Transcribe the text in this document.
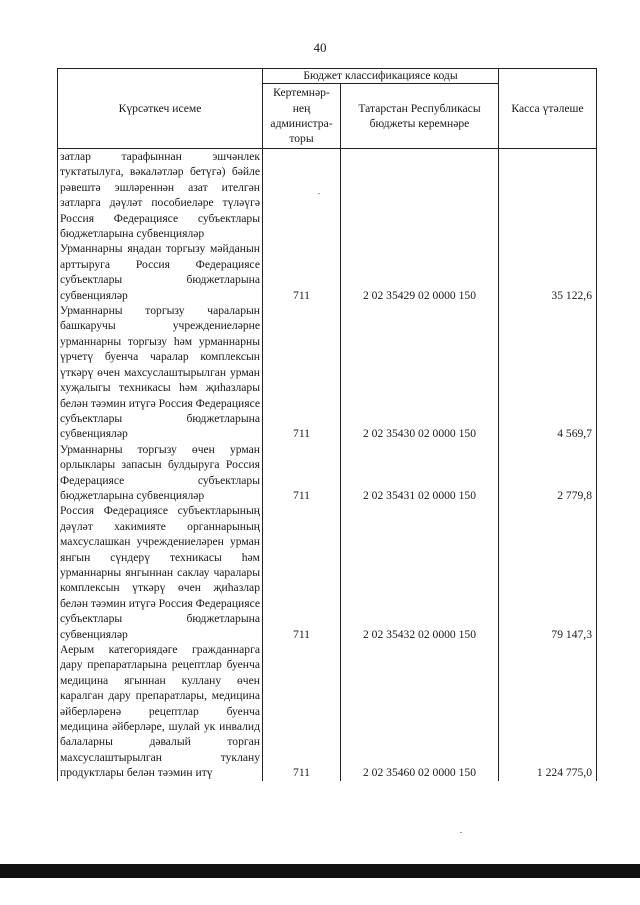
40
Күрсәткеч исеме	Бюджет классификациясе коды		Касса үтәлеше
	Кертемнәр-нең администра-торы	Татарстан Республикасы бюджеты керемнәре	
затлар тарафыннан эшчәнлек туктатылуга, вәкаләтләр бетүгә) бәйле рәвештә эшләреннән азат ителгән затларга дәүләт пособиеләре түләүгә Россия Федерациясе субъектлары бюджетларына субвенцияләр			
Урманнарны яңадан торгызу мәйданын арттыруга Россия Федерациясе субъектлары бюджетларына субвенцияләр	711	2 02 35429 02 0000 150	35 122,6
Урманнарны торгызу чараларын башкаручы учреждениеләрне урманнарны торгызу һәм урманнарны үрчетү буенча чаралар комплексын үткәрү өчен махсуслаштырылган урман хуҗалыгы техникасы һәм җиһазлары белән тәэмин итүгә Россия Федерациясе субъектлары бюджетларына субвенцияләр	711	2 02 35430 02 0000 150	4 569,7
Урманнарны торгызу өчен урман орлыклары запасын булдыруга Россия Федерациясе субъектлары бюджетларына субвенцияләр	711	2 02 35431 02 0000 150	2 779,8
Россия Федерациясе субъектларының дәүләт хакимияте органнарының махсуслашкан учреждениеләрен урман янгын сүндерү техникасы һәм урманнарны янгыннан саклау чаралары комплексын үткәрү өчен җиһазлар белән тәэмин итүгә Россия Федерациясе субъектлары бюджетларына субвенцияләр	711	2 02 35432 02 0000 150	79 147,3
Аерым категориядәге гражданнарга дару препаратларына рецептлар буенча медицина ягыннан куллану өчен каралган дару препаратлары, медицина әйберләренә рецептлар буенча медицина әйберләре, шулай ук инвалид балаларны дәвалый торган махсуслаштырылган туклану продуктлары белән тәэмин итү	711	2 02 35460 02 0000 150	1 224 775,0
